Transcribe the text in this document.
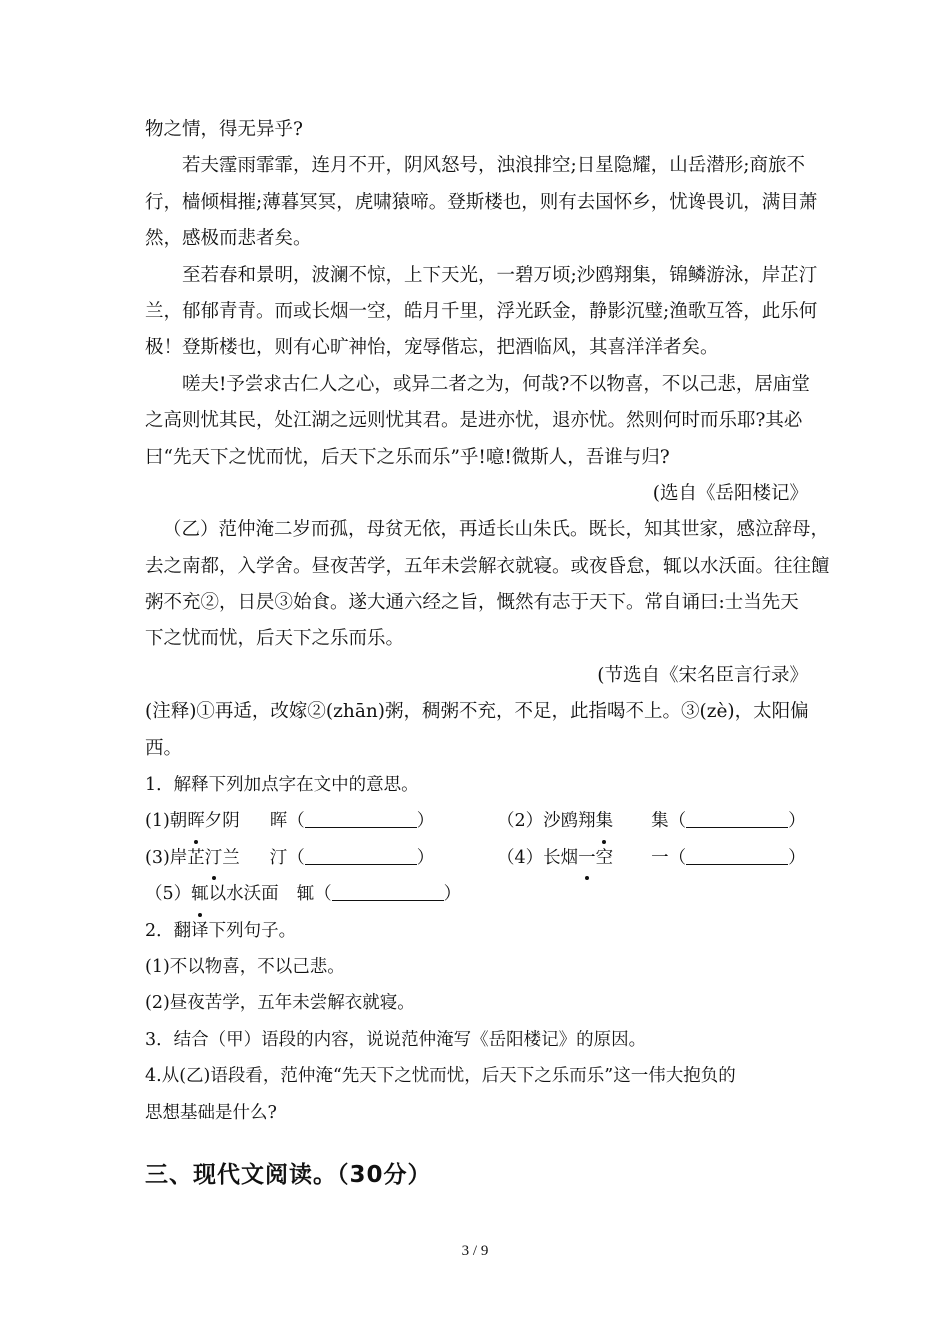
物之情，得无异乎?
若夫霪雨霏霏，连月不开，阴风怒号，浊浪排空;日星隐耀，山岳潜形;商旅不
行，樯倾楫摧;薄暮冥冥，虎啸猿啼。登斯楼也，则有去国怀乡，忧谗畏讥，满目萧
然，感极而悲者矣。
至若春和景明，波澜不惊，上下天光，一碧万顷;沙鸥翔集，锦鳞游泳，岸芷汀
兰，郁郁青青。而或长烟一空，皓月千里，浮光跃金，静影沉璧;渔歌互答，此乐何
极！登斯楼也，则有心旷神怡，宠辱偕忘，把酒临风，其喜洋洋者矣。
嗟夫!予尝求古仁人之心，或异二者之为，何哉?不以物喜，不以己悲，居庙堂
之高则忧其民，处江湖之远则忧其君。是进亦忧，退亦忧。然则何时而乐耶?其必
曰“先天下之忧而忧，后天下之乐而乐”乎!噫!微斯人，吾谁与归?
(选自《岳阳楼记》
（乙）范仲淹二岁而孤，母贫无依，再适长山朱氏。既长，知其世家，感泣辞母，
去之南都，入学舍。昼夜苦学，五年未尝解衣就寝。或夜昏怠，辄以水沃面。往往饘
粥不充②，日昃③始食。遂大通六经之旨，慨然有志于天下。常自诵曰:士当先天
下之忧而忧，后天下之乐而乐。
(节选自《宋名臣言行录》
(注释)①再适，改嫁②(zhān)粥，稠粥不充，不足，此指喝不上。③(zè)，太阳偏
西。
1．解释下列加点字在文中的意思。
(1)朝晖夕阴 晖（	）	（2）沙鸥翔集 集（	）
(3)岸芷汀兰 汀（	）	（4）长烟一空 一（	）
（5）辄以水沃面 辄（	）
2．翻译下列句子。
(1)不以物喜，不以己悲。
(2)昼夜苦学，五年未尝解衣就寝。
3．结合（甲）语段的内容，说说范仲淹写《岳阳楼记》的原因。
4.从(乙)语段看，范仲淹“先天下之忧而忧，后天下之乐而乐”这一伟大抱负的
思想基础是什么?
三、现代文阅读。（30分）
3 / 9
